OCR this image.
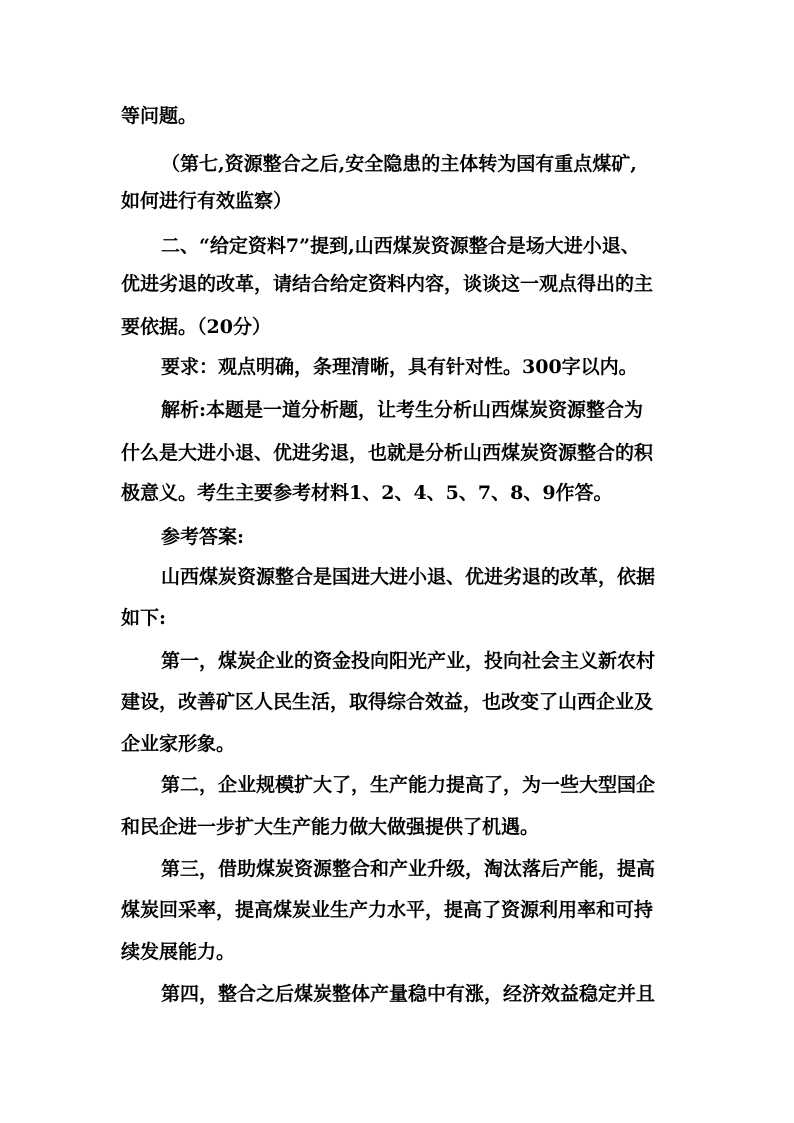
等问题。
（第七,资源整合之后,安全隐患的主体转为国有重点煤矿,
如何进行有效监察）
二、“给定资料7”提到,山西煤炭资源整合是场大进小退、
优进劣退的改革，请结合给定资料内容，谈谈这一观点得出的主
要依据。（20分）
要求：观点明确，条理清晰，具有针对性。300字以内。
解析:本题是一道分析题，让考生分析山西煤炭资源整合为
什么是大进小退、优进劣退，也就是分析山西煤炭资源整合的积
极意义。考生主要参考材料1、2、4、5、7、8、9作答。
参考答案:
山西煤炭资源整合是国进大进小退、优进劣退的改革，依据
如下:
第一，煤炭企业的资金投向阳光产业，投向社会主义新农村
建设，改善矿区人民生活，取得综合效益，也改变了山西企业及
企业家形象。
第二，企业规模扩大了，生产能力提高了，为一些大型国企
和民企进一步扩大生产能力做大做强提供了机遇。
第三，借助煤炭资源整合和产业升级，淘汰落后产能，提高
煤炭回采率，提高煤炭业生产力水平，提高了资源利用率和可持
续发展能力。
第四，整合之后煤炭整体产量稳中有涨，经济效益稳定并且
